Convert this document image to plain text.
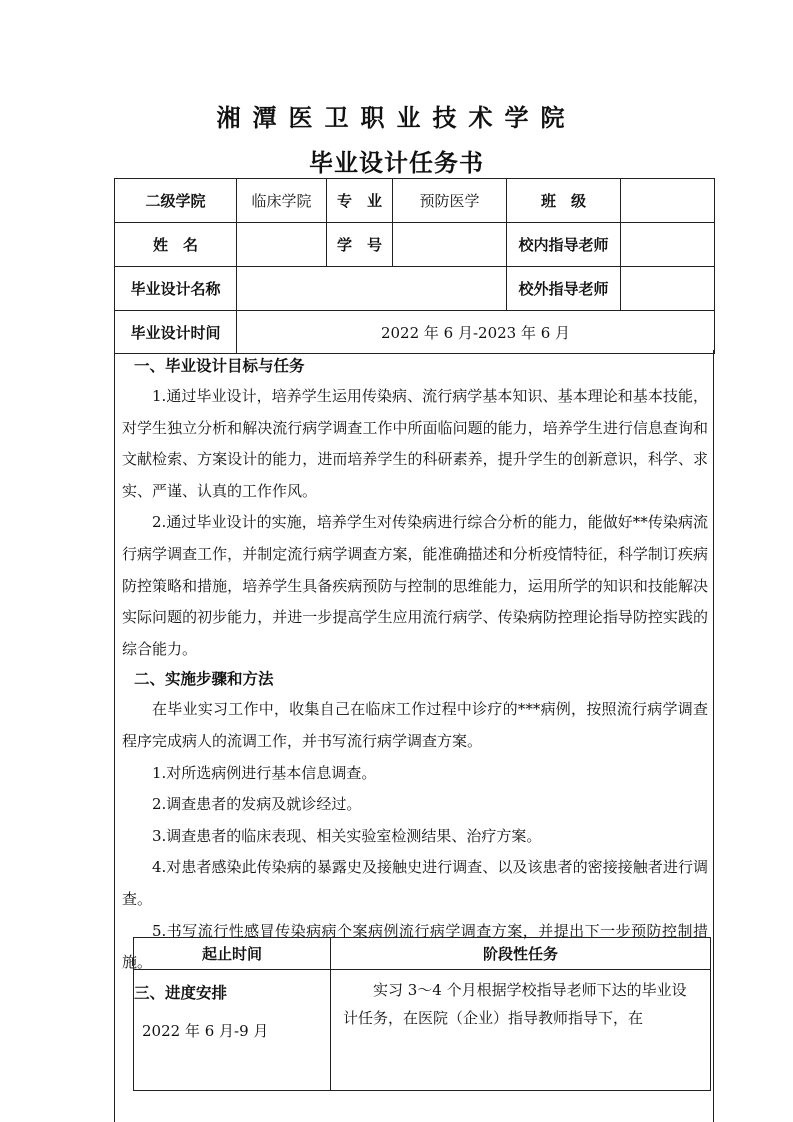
湘潭医卫职业技术学院
毕业设计任务书
二级学院	临床学院	专　业	预防医学	班　级	
姓　名		学　号		校内指导老师	
毕业设计名称				校外指导老师	
毕业设计时间	2022 年 6 月-2023 年 6 月				
一、毕业设计目标与任务

1.通过毕业设计，培养学生运用传染病、流行病学基本知识、基本理论和基本技能，对学生独立分析和解决流行病学调查工作中所面临问题的能力，培养学生进行信息查询和文献检索、方案设计的能力，进而培养学生的科研素养，提升学生的创新意识，科学、求实、严谨、认真的工作作风。

2.通过毕业设计的实施，培养学生对传染病进行综合分析的能力，能做好**传染病流行病学调查工作，并制定流行病学调查方案，能准确描述和分析疫情特征，科学制订疾病防控策略和措施，培养学生具备疾病预防与控制的思维能力，运用所学的知识和技能解决实际问题的初步能力，并进一步提高学生应用流行病学、传染病防控理论指导防控实践的综合能力。

二、实施步骤和方法

在毕业实习工作中，收集自己在临床工作过程中诊疗的***病例，按照流行病学调查程序完成病人的流调工作，并书写流行病学调查方案。

1.对所选病例进行基本信息调查。

2.调查患者的发病及就诊经过。

3.调查患者的临床表现、相关实验室检测结果、治疗方案。

4.对患者感染此传染病的暴露史及接触史进行调查、以及该患者的密接接触者进行调查。

5.书写流行性感冒传染病病个案病例流行病学调查方案，并提出下一步预防控制措施。

三、进度安排
起止时间	阶段性任务
2022 年 6 月-9 月	实习 3～4 个月根据学校指导老师下达的毕业设计任务，在医院（企业）指导教师指导下，在
